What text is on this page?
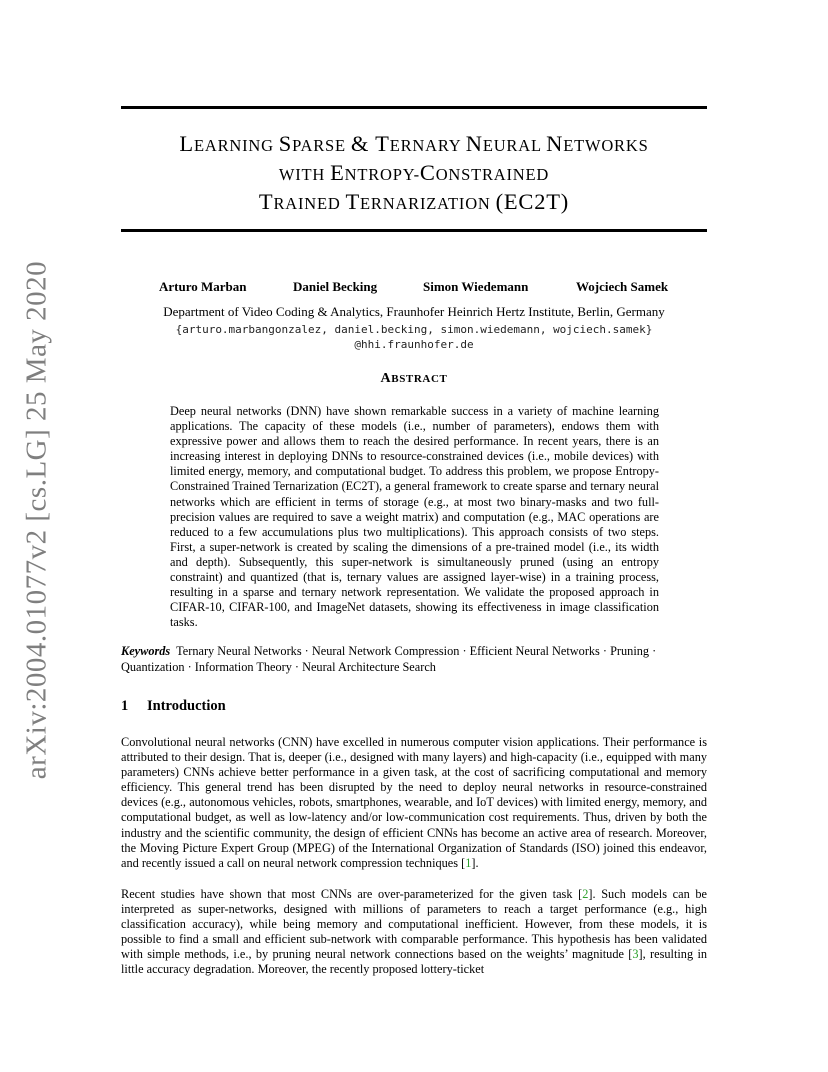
arXiv:2004.01077v2 [cs.LG] 25 May 2020
LEARNING SPARSE & TERNARY NEURAL NETWORKS
WITH ENTROPY-CONSTRAINED
TRAINED TERNARIZATION (EC2T)
Arturo Marban	Daniel Becking	Simon Wiedemann	Wojciech Samek
Department of Video Coding & Analytics, Fraunhofer Heinrich Hertz Institute, Berlin, Germany
{arturo.marbangonzalez, daniel.becking, simon.wiedemann, wojciech.samek}
@hhi.fraunhofer.de
ABSTRACT
Deep neural networks (DNN) have shown remarkable success in a variety of machine learning applications. The capacity of these models (i.e., number of parameters), endows them with expressive power and allows them to reach the desired performance. In recent years, there is an increasing interest in deploying DNNs to resource-constrained devices (i.e., mobile devices) with limited energy, memory, and computational budget. To address this problem, we propose Entropy-Constrained Trained Ternarization (EC2T), a general framework to create sparse and ternary neural networks which are efficient in terms of storage (e.g., at most two binary-masks and two full-precision values are required to save a weight matrix) and computation (e.g., MAC operations are reduced to a few accumulations plus two multiplications). This approach consists of two steps. First, a super-network is created by scaling the dimensions of a pre-trained model (i.e., its width and depth). Subsequently, this super-network is simultaneously pruned (using an entropy constraint) and quantized (that is, ternary values are assigned layer-wise) in a training process, resulting in a sparse and ternary network representation. We validate the proposed approach in CIFAR-10, CIFAR-100, and ImageNet datasets, showing its effectiveness in image classification tasks.
Keywords Ternary Neural Networks · Neural Network Compression · Efficient Neural Networks · Pruning · Quantization · Information Theory · Neural Architecture Search
1 Introduction
Convolutional neural networks (CNN) have excelled in numerous computer vision applications. Their performance is attributed to their design. That is, deeper (i.e., designed with many layers) and high-capacity (i.e., equipped with many parameters) CNNs achieve better performance in a given task, at the cost of sacrificing computational and memory efficiency. This general trend has been disrupted by the need to deploy neural networks in resource-constrained devices (e.g., autonomous vehicles, robots, smartphones, wearable, and IoT devices) with limited energy, memory, and computational budget, as well as low-latency and/or low-communication cost requirements. Thus, driven by both the industry and the scientific community, the design of efficient CNNs has become an active area of research. Moreover, the Moving Picture Expert Group (MPEG) of the International Organization of Standards (ISO) joined this endeavor, and recently issued a call on neural network compression techniques [1].
Recent studies have shown that most CNNs are over-parameterized for the given task [2]. Such models can be interpreted as super-networks, designed with millions of parameters to reach a target performance (e.g., high classification accuracy), while being memory and computational inefficient. However, from these models, it is possible to find a small and efficient sub-network with comparable performance. This hypothesis has been validated with simple methods, i.e., by pruning neural network connections based on the weights’ magnitude [3], resulting in little accuracy degradation. Moreover, the recently proposed lottery-ticket
